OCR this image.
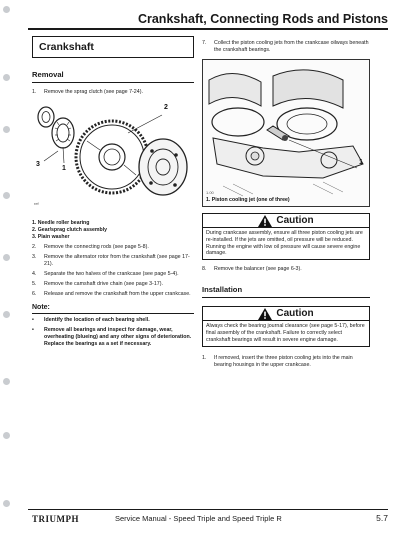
Crankshaft, Connecting Rods and Pistons
Crankshaft
Removal
1.	Remove the sprag clutch (see page 7-24).
2
3
1
ref
1. Needle roller bearing
2. Gear/sprag clutch assembly
3. Plain washer
2.	Remove the connecting rods (see page 5-8).
3.	Remove the alternator rotor from the crankshaft (see page 17-21).
4.	Separate the two halves of the crankcase (see page 5-4).
5.	Remove the camshaft drive chain (see page 3-17).
6.	Release and remove the crankshaft from the upper crankcase.
Note:
•	Identify the location of each bearing shell.
•	Remove all bearings and inspect for damage, wear, overheating (blueing) and any other signs of deterioration. Replace the bearings as a set if necessary.
7.	Collect the piston cooling jets from the crankcase oilways beneath the crankshaft bearings.
1
1.00
1. Piston cooling jet (one of three)
Caution
During crankcase assembly, ensure all three piston cooling jets are re-installed. If the jets are omitted, oil pressure will be reduced. Running the engine with low oil pressure will cause severe engine damage.
8.	Remove the balancer (see page 6-3).
Installation
Caution
Always check the bearing journal clearance (see page 5-17), before final assembly of the crankshaft. Failure to correctly select crankshaft bearings will result in severe engine damage.
1.	If removed, insert the three piston cooling jets into the main bearing housings in the upper crankcase.
TRIUMPH	Service Manual - Speed Triple and Speed Triple R	5.7
